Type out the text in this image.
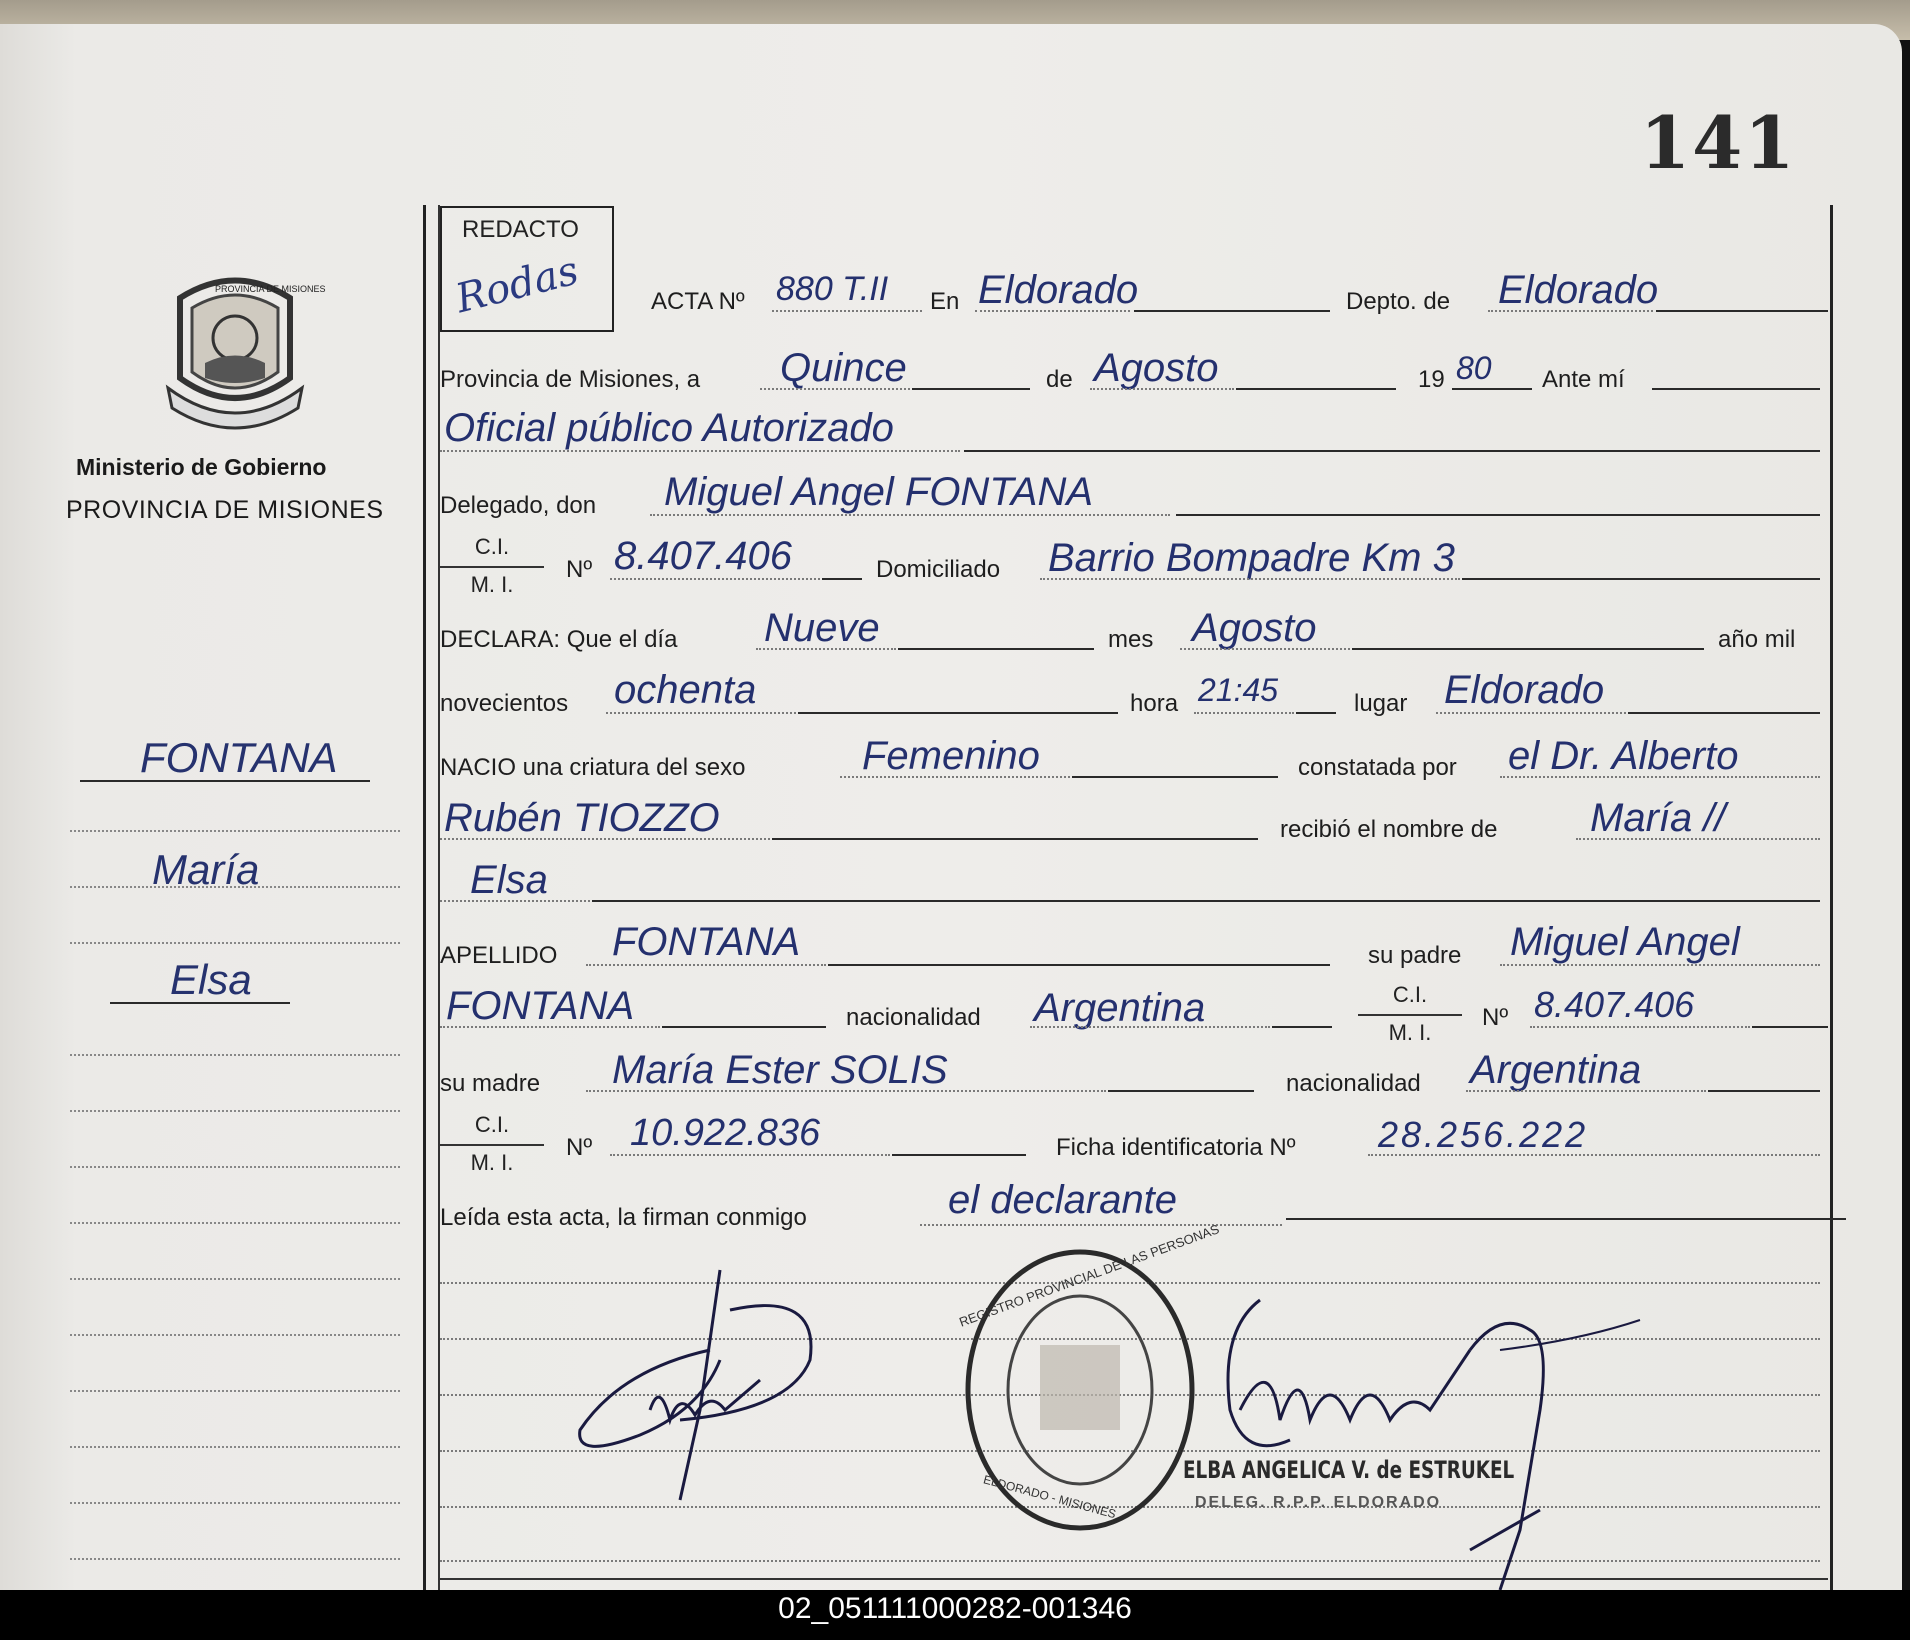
141
PROVINCIA DE MISIONES
Ministerio de Gobierno
PROVINCIA DE MISIONES
FONTANA
María
Elsa
REDACTO
Rodas	ACTA Nº 880 T.II En Eldorado	Depto. de Eldorado
Provincia de Misiones, a Quince	de Agosto	19 80 Ante mí
Oficial público Autorizado
Delegado, don Miguel Angel FONTANA
C.I.
M. I.
Nº 8.407.406	Domiciliado Barrio Bompadre Km 3
DECLARA: Que el día Nueve	mes Agosto	año mil
novecientos ochenta	hora 21:45	lugar Eldorado
NACIO una criatura del sexo	Femenino	constatada por el Dr. Alberto
Rubén TIOZZO	recibió el nombre de María //
Elsa
APELLIDO FONTANA	su padre Miguel Angel
FONTANA	nacionalidad Argentina	C.I.
M. I.
Nº 8.407.406
su madre María Ester SOLIS	nacionalidad Argentina
C.I.
M. I.
Nº 10.922.836	Ficha identificatoria Nº 28.256.222
Leída esta acta, la firman conmigo	el declarante
REGISTRO PROVINCIAL DE LAS PERSONAS
ELDORADO - MISIONES
ELBA ANGELICA V. de ESTRUKEL
DELEG. R.P.P. ELDORADO
02_051111000282-001346
